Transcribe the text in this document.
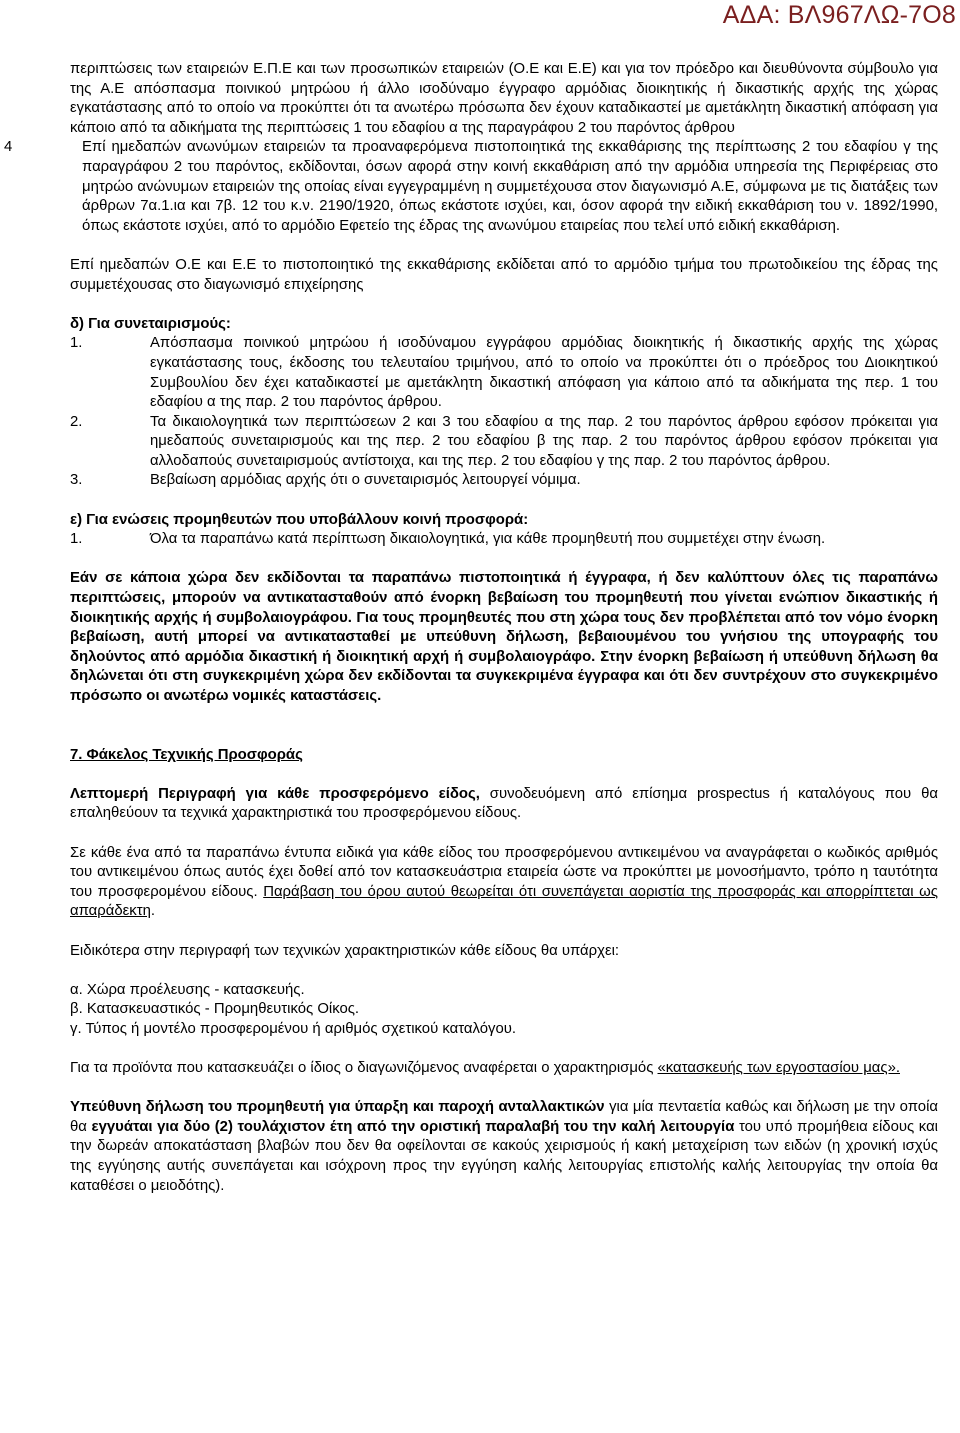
ΑΔΑ: ΒΛ967ΛΩ-7Ο8

περιπτώσεις των εταιρειών Ε.Π.Ε και των προσωπικών εταιρειών (Ο.Ε και Ε.Ε) και για τον πρόεδρο και διευθύνοντα σύμβουλο για της Α.Ε απόσπασμα ποινικού μητρώου ή άλλο ισοδύναμο έγγραφο αρμόδιας διοικητικής ή δικαστικής αρχής της χώρας εγκατάστασης από το οποίο να προκύπτει ότι τα ανωτέρω πρόσωπα δεν έχουν καταδικαστεί με αμετάκλητη δικαστική απόφαση για κάποιο από τα αδικήματα της περιπτώσεις 1 του εδαφίου α της παραγράφου 2 του παρόντος άρθρου

4	Επί ημεδαπών ανωνύμων εταιρειών τα προαναφερόμενα πιστοποιητικά της εκκαθάρισης της περίπτωσης 2 του εδαφίου γ της παραγράφου 2 του παρόντος, εκδίδονται, όσων αφορά στην κοινή εκκαθάριση από την αρμόδια υπηρεσία της Περιφέρειας στο μητρώο ανώνυμων εταιρειών της οποίας είναι εγγεγραμμένη η συμμετέχουσα στον διαγωνισμό Α.Ε, σύμφωνα με τις διατάξεις των άρθρων 7α.1.ια και 7β. 12 του κ.ν. 2190/1920, όπως εκάστοτε ισχύει, και, όσον αφορά την ειδική εκκαθάριση του ν. 1892/1990, όπως εκάστοτε ισχύει, από το αρμόδιο Εφετείο της έδρας της ανωνύμου εταιρείας που τελεί υπό ειδική εκκαθάριση.

Επί ημεδαπών Ο.Ε και Ε.Ε το πιστοποιητικό της εκκαθάρισης εκδίδεται από το αρμόδιο τμήμα του πρωτοδικείου της έδρας της συμμετέχουσας στο διαγωνισμό επιχείρησης

δ) Για συνεταιρισμούς:

1.	Απόσπασμα ποινικού μητρώου ή ισοδύναμου εγγράφου αρμόδιας διοικητικής ή δικαστικής αρχής της χώρας εγκατάστασης τους, έκδοσης του τελευταίου τριμήνου, από το οποίο να προκύπτει ότι ο πρόεδρος του Διοικητικού Συμβουλίου δεν έχει καταδικαστεί με αμετάκλητη δικαστική απόφαση για κάποιο από τα αδικήματα της περ. 1 του εδαφίου α της παρ. 2 του παρόντος άρθρου.

2.	Τα δικαιολογητικά των περιπτώσεων 2 και 3 του εδαφίου α της παρ. 2 του παρόντος άρθρου εφόσον πρόκειται για ημεδαπούς συνεταιρισμούς και της περ. 2 του εδαφίου β της παρ. 2 του παρόντος άρθρου εφόσον πρόκειται για αλλοδαπούς συνεταιρισμούς αντίστοιχα, και της περ. 2 του εδαφίου γ της παρ. 2 του παρόντος άρθρου.

3.	Βεβαίωση αρμόδιας αρχής ότι ο συνεταιρισμός λειτουργεί νόμιμα.

ε) Για ενώσεις προμηθευτών που υποβάλλουν κοινή προσφορά:

1.	Όλα τα παραπάνω κατά περίπτωση δικαιολογητικά, για κάθε προμηθευτή που συμμετέχει στην ένωση.

Εάν σε κάποια χώρα δεν εκδίδονται τα παραπάνω πιστοποιητικά ή έγγραφα, ή δεν καλύπτουν όλες τις παραπάνω περιπτώσεις, μπορούν να αντικατασταθούν από ένορκη βεβαίωση του προμηθευτή που γίνεται ενώπιον δικαστικής ή διοικητικής αρχής ή συμβολαιογράφου. Για τους προμηθευτές που στη χώρα τους δεν προβλέπεται από τον νόμο ένορκη βεβαίωση, αυτή μπορεί να αντικατασταθεί με υπεύθυνη δήλωση, βεβαιουμένου του γνήσιου της υπογραφής του δηλούντος από αρμόδια δικαστική ή διοικητική αρχή ή συμβολαιογράφο. Στην ένορκη βεβαίωση ή υπεύθυνη δήλωση θα δηλώνεται ότι στη συγκεκριμένη χώρα δεν εκδίδονται τα συγκεκριμένα έγγραφα και ότι δεν συντρέχουν στο συγκεκριμένο πρόσωπο οι ανωτέρω νομικές καταστάσεις.

7. Φάκελος Τεχνικής Προσφοράς

Λεπτομερή Περιγραφή για κάθε προσφερόμενο είδος, συνοδευόμενη από επίσημα prospectus ή καταλόγους που θα επαληθεύουν τα τεχνικά χαρακτηριστικά του προσφερόμενου είδους.

Σε κάθε ένα από τα παραπάνω έντυπα ειδικά για κάθε είδος του προσφερόμενου αντικειμένου να αναγράφεται ο κωδικός αριθμός του αντικειμένου όπως αυτός έχει δοθεί από τον κατασκευάστρια εταιρεία ώστε να προκύπτει με μονοσήμαντο, τρόπο η ταυτότητα του προσφερομένου είδους. Παράβαση του όρου αυτού θεωρείται ότι συνεπάγεται αοριστία της προσφοράς και απορρίπτεται ως απαράδεκτη.

Ειδικότερα στην περιγραφή των τεχνικών χαρακτηριστικών κάθε είδους θα υπάρχει:

α. Χώρα προέλευσης - κατασκευής.

β. Κατασκευαστικός - Προμηθευτικός Οίκος.

γ. Τύπος ή μοντέλο προσφερομένου ή αριθμός σχετικού καταλόγου.

Για τα προϊόντα που κατασκευάζει ο ίδιος ο διαγωνιζόμενος αναφέρεται ο χαρακτηρισμός «κατασκευής των εργοστασίου μας».

Υπεύθυνη δήλωση του προμηθευτή για ύπαρξη και παροχή ανταλλακτικών για μία πενταετία καθώς και δήλωση με την οποία θα εγγυάται για δύο (2) τουλάχιστον έτη από την οριστική παραλαβή του την καλή λειτουργία του υπό προμήθεια είδους και την δωρεάν αποκατάσταση βλαβών που δεν θα οφείλονται σε κακούς χειρισμούς ή κακή μεταχείριση των ειδών (η χρονική ισχύς της εγγύησης αυτής συνεπάγεται και ισόχρονη προς την εγγύηση καλής λειτουργίας επιστολής καλής λειτουργίας την οποία θα καταθέσει ο μειοδότης).
